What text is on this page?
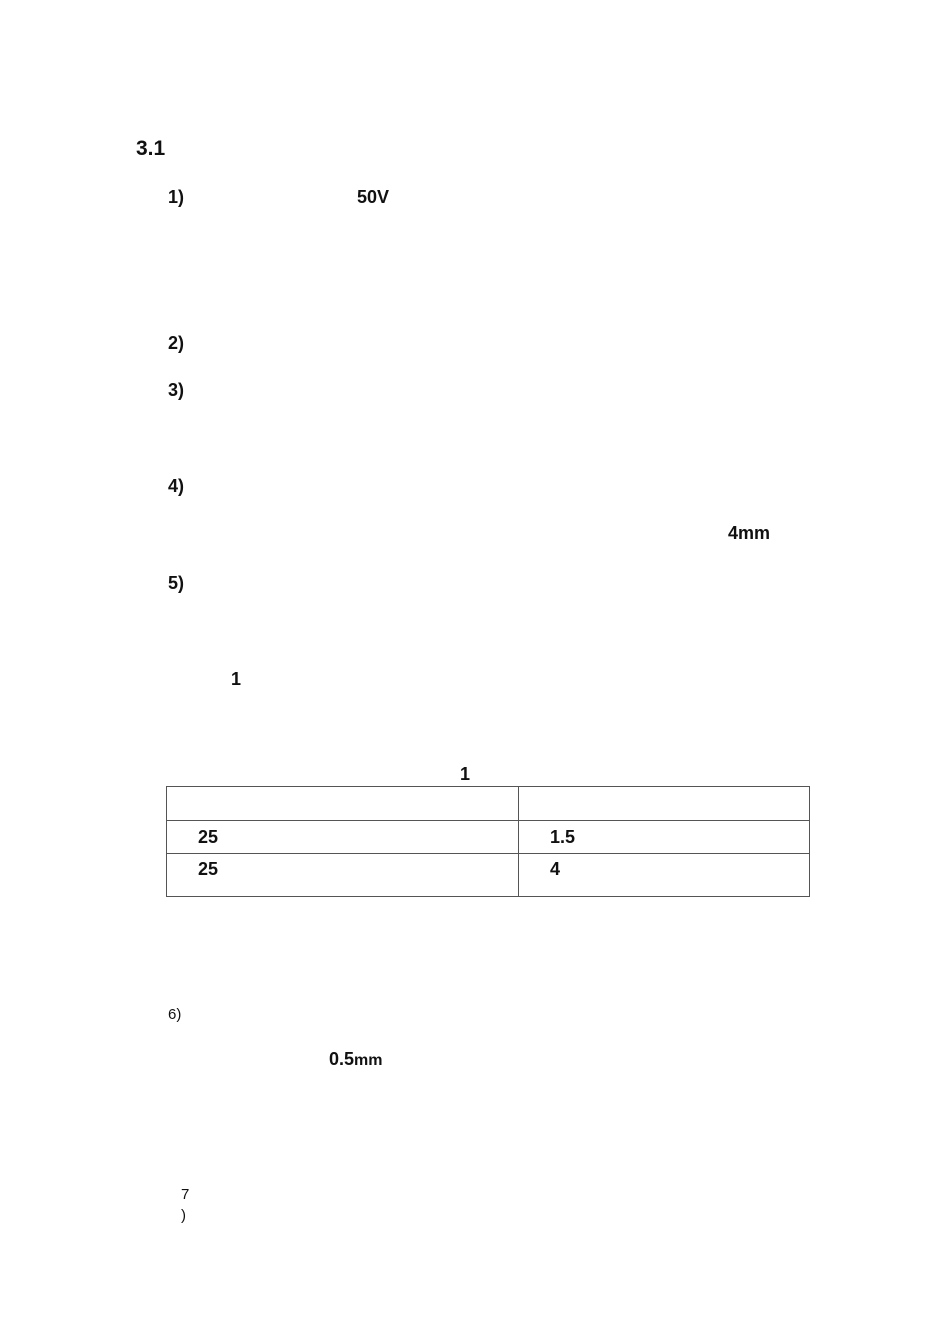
3.1
1)	50V
2)
3)
4)
4mm
5)
1
1

25	1.5
25	4
6)
0.5mm
7
)
